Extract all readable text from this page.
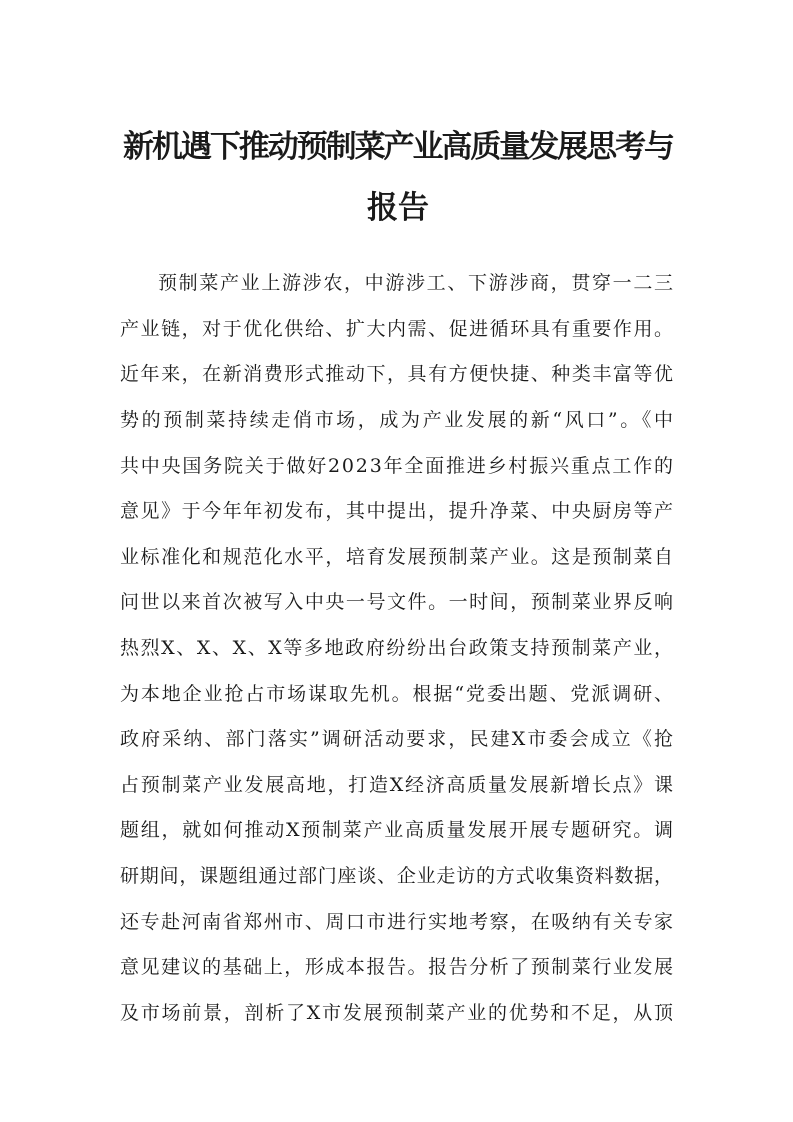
新机遇下推动预制菜产业高质量发展思考与
报告

预制菜产业上游涉农，中游涉工、下游涉商，贯穿一二三

产业链，对于优化供给、扩大内需、促进循环具有重要作用。

近年来，在新消费形式推动下，具有方便快捷、种类丰富等优

势的预制菜持续走俏市场，成为产业发展的新“风口”。《中

共中央国务院关于做好2023年全面推进乡村振兴重点工作的

意见》于今年年初发布，其中提出，提升净菜、中央厨房等产

业标准化和规范化水平，培育发展预制菜产业。这是预制菜自

问世以来首次被写入中央一号文件。一时间，预制菜业界反响

热烈X、X、X、X等多地政府纷纷出台政策支持预制菜产业，

为本地企业抢占市场谋取先机。根据“党委出题、党派调研、

政府采纳、部门落实”调研活动要求，民建X市委会成立《抢

占预制菜产业发展高地，打造X经济高质量发展新增长点》课

题组，就如何推动X预制菜产业高质量发展开展专题研究。调

研期间，课题组通过部门座谈、企业走访的方式收集资料数据，

还专赴河南省郑州市、周口市进行实地考察，在吸纳有关专家

意见建议的基础上，形成本报告。报告分析了预制菜行业发展

及市场前景，剖析了X市发展预制菜产业的优势和不足，从顶
